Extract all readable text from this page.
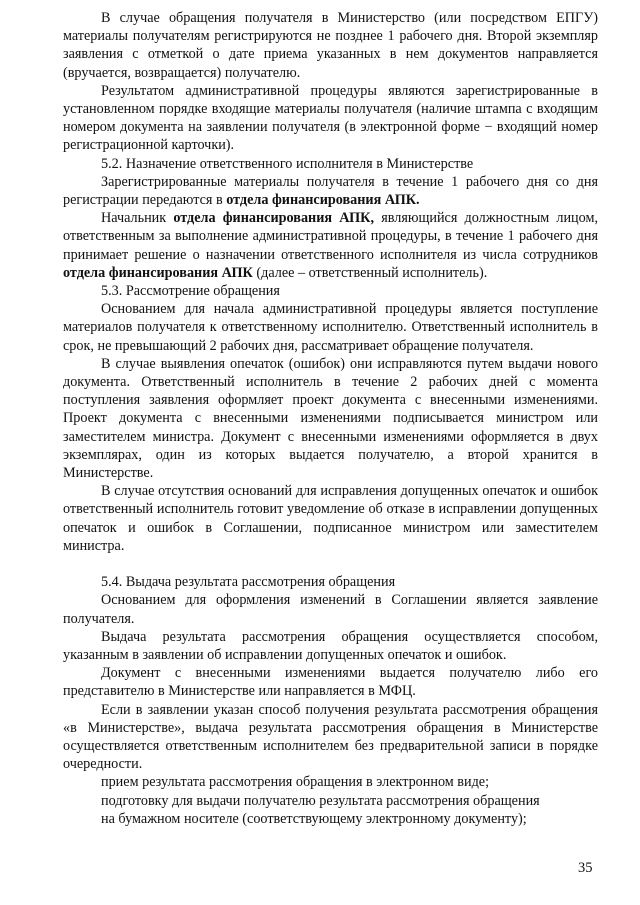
В случае обращения получателя в Министерство (или посредством ЕПГУ) материалы получателям регистрируются не позднее 1 рабочего дня. Второй экземпляр заявления с отметкой о дате приема указанных в нем документов направляется (вручается, возвращается) получателю.

Результатом административной процедуры являются зарегистрированные в установленном порядке входящие материалы получателя (наличие штампа с входящим номером документа на заявлении получателя (в электронной форме − входящий номер регистрационной карточки).

5.2. Назначение ответственного исполнителя в Министерстве

Зарегистрированные материалы получателя в течение 1 рабочего дня со дня регистрации передаются в отдела финансирования АПК.

Начальник отдела финансирования АПК, являющийся должностным лицом, ответственным за выполнение административной процедуры, в течение 1 рабочего дня принимает решение о назначении ответственного исполнителя из числа сотрудников отдела финансирования АПК (далее – ответственный исполнитель).

5.3. Рассмотрение обращения

Основанием для начала административной процедуры является поступление материалов получателя к ответственному исполнителю. Ответственный исполнитель в срок, не превышающий 2 рабочих дня, рассматривает обращение получателя.

В случае выявления опечаток (ошибок) они исправляются путем выдачи нового документа. Ответственный исполнитель в течение 2 рабочих дней с момента поступления заявления оформляет проект документа с внесенными изменениями. Проект документа с внесенными изменениями подписывается министром или заместителем министра. Документ с внесенными изменениями оформляется в двух экземплярах, один из которых выдается получателю, а второй хранится в Министерстве.

В случае отсутствия оснований для исправления допущенных опечаток и ошибок ответственный исполнитель готовит уведомление об отказе в исправлении допущенных опечаток и ошибок в Соглашении, подписанное министром или заместителем министра.

5.4. Выдача результата рассмотрения обращения

Основанием для оформления изменений в Соглашении является заявление получателя.

Выдача результата рассмотрения обращения осуществляется способом, указанным в заявлении об исправлении допущенных опечаток и ошибок.

Документ с внесенными изменениями выдается получателю либо его представителю в Министерстве или направляется в МФЦ.

Если в заявлении указан способ получения результата рассмотрения обращения «в Министерстве», выдача результата рассмотрения обращения в Министерстве осуществляется ответственным исполнителем без предварительной записи в порядке очередности.

прием результата рассмотрения обращения в электронном виде;

подготовку для выдачи получателю результата рассмотрения обращения

на бумажном носителе (соответствующему электронному документу);

35
